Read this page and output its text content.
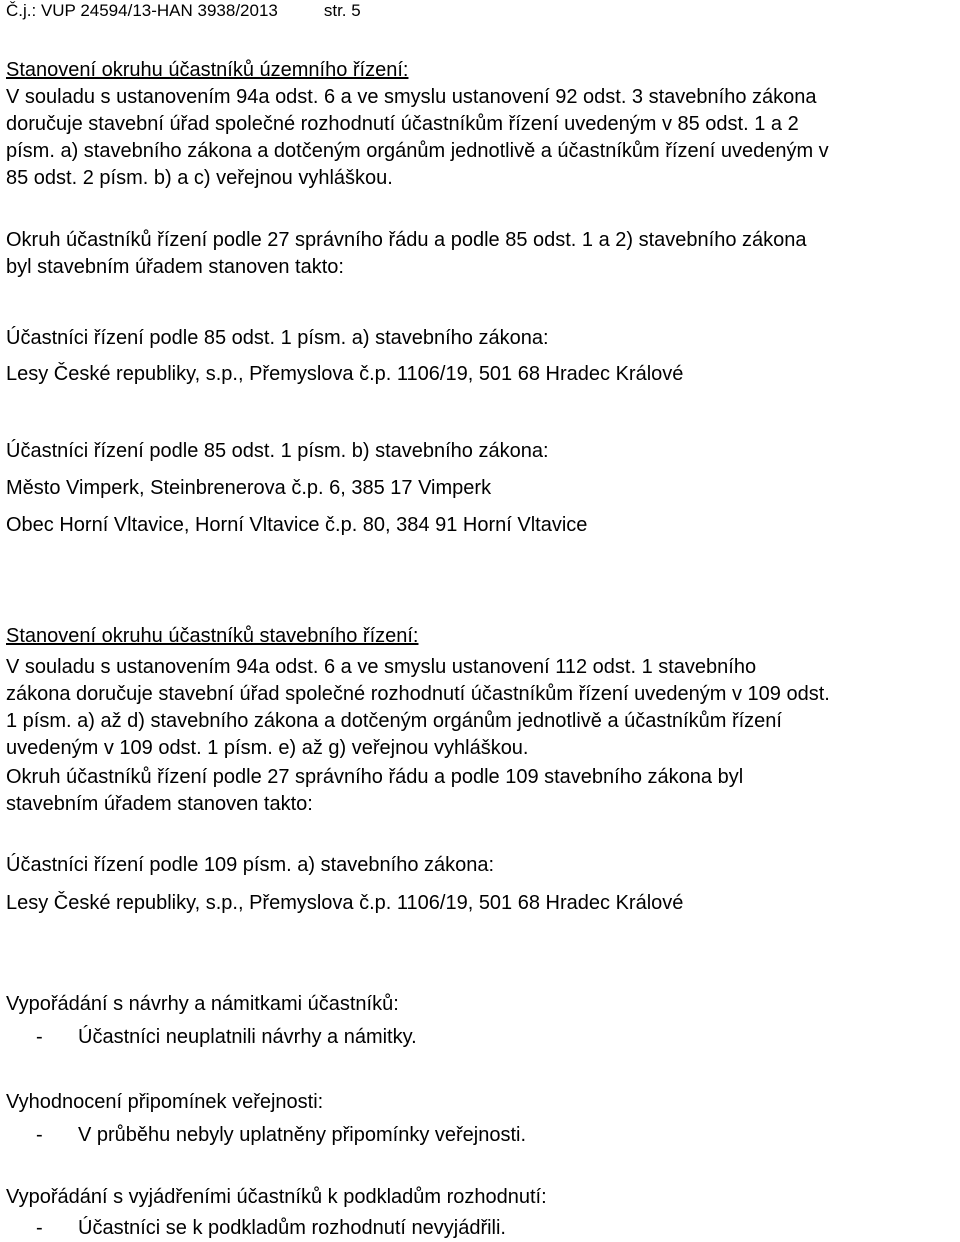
Č.j.: VUP 24594/13-HAN 3938/2013	str. 5
Stanovení okruhu účastníků územního řízení:
V souladu s ustanovením 94a odst. 6 a ve smyslu ustanovení 92 odst. 3 stavebního zákona
doručuje stavební úřad společné rozhodnutí účastníkům řízení uvedeným v 85 odst. 1 a 2
písm. a) stavebního zákona a dotčeným orgánům jednotlivě a účastníkům řízení uvedeným v
85 odst. 2 písm. b) a c) veřejnou vyhláškou.
Okruh účastníků řízení podle 27 správního řádu a podle 85 odst. 1 a 2) stavebního zákona
byl stavebním úřadem stanoven takto:
Účastníci řízení podle 85 odst. 1 písm. a) stavebního zákona:
Lesy České republiky, s.p., Přemyslova č.p. 1106/19, 501 68 Hradec Králové
Účastníci řízení podle 85 odst. 1 písm. b) stavebního zákona:
Město Vimperk, Steinbrenerova č.p. 6, 385 17 Vimperk
Obec Horní Vltavice, Horní Vltavice č.p. 80, 384 91 Horní Vltavice
Stanovení okruhu účastníků stavebního řízení:
V souladu s ustanovením 94a odst. 6 a ve smyslu ustanovení 112 odst. 1 stavebního
zákona doručuje stavební úřad společné rozhodnutí účastníkům řízení uvedeným v 109 odst.
1 písm. a) až d) stavebního zákona a dotčeným orgánům jednotlivě a účastníkům řízení
uvedeným v 109 odst. 1 písm. e) až g) veřejnou vyhláškou.
Okruh účastníků řízení podle 27 správního řádu a podle 109 stavebního zákona byl
stavebním úřadem stanoven takto:
Účastníci řízení podle 109 písm. a) stavebního zákona:
Lesy České republiky, s.p., Přemyslova č.p. 1106/19, 501 68 Hradec Králové
Vypořádání s návrhy a námitkami účastníků:
- Účastníci neuplatnili návrhy a námitky.
Vyhodnocení připomínek veřejnosti:
- V průběhu nebyly uplatněny připomínky veřejnosti.
Vypořádání s vyjádřeními účastníků k podkladům rozhodnutí:
- Účastníci se k podkladům rozhodnutí nevyjádřili.
